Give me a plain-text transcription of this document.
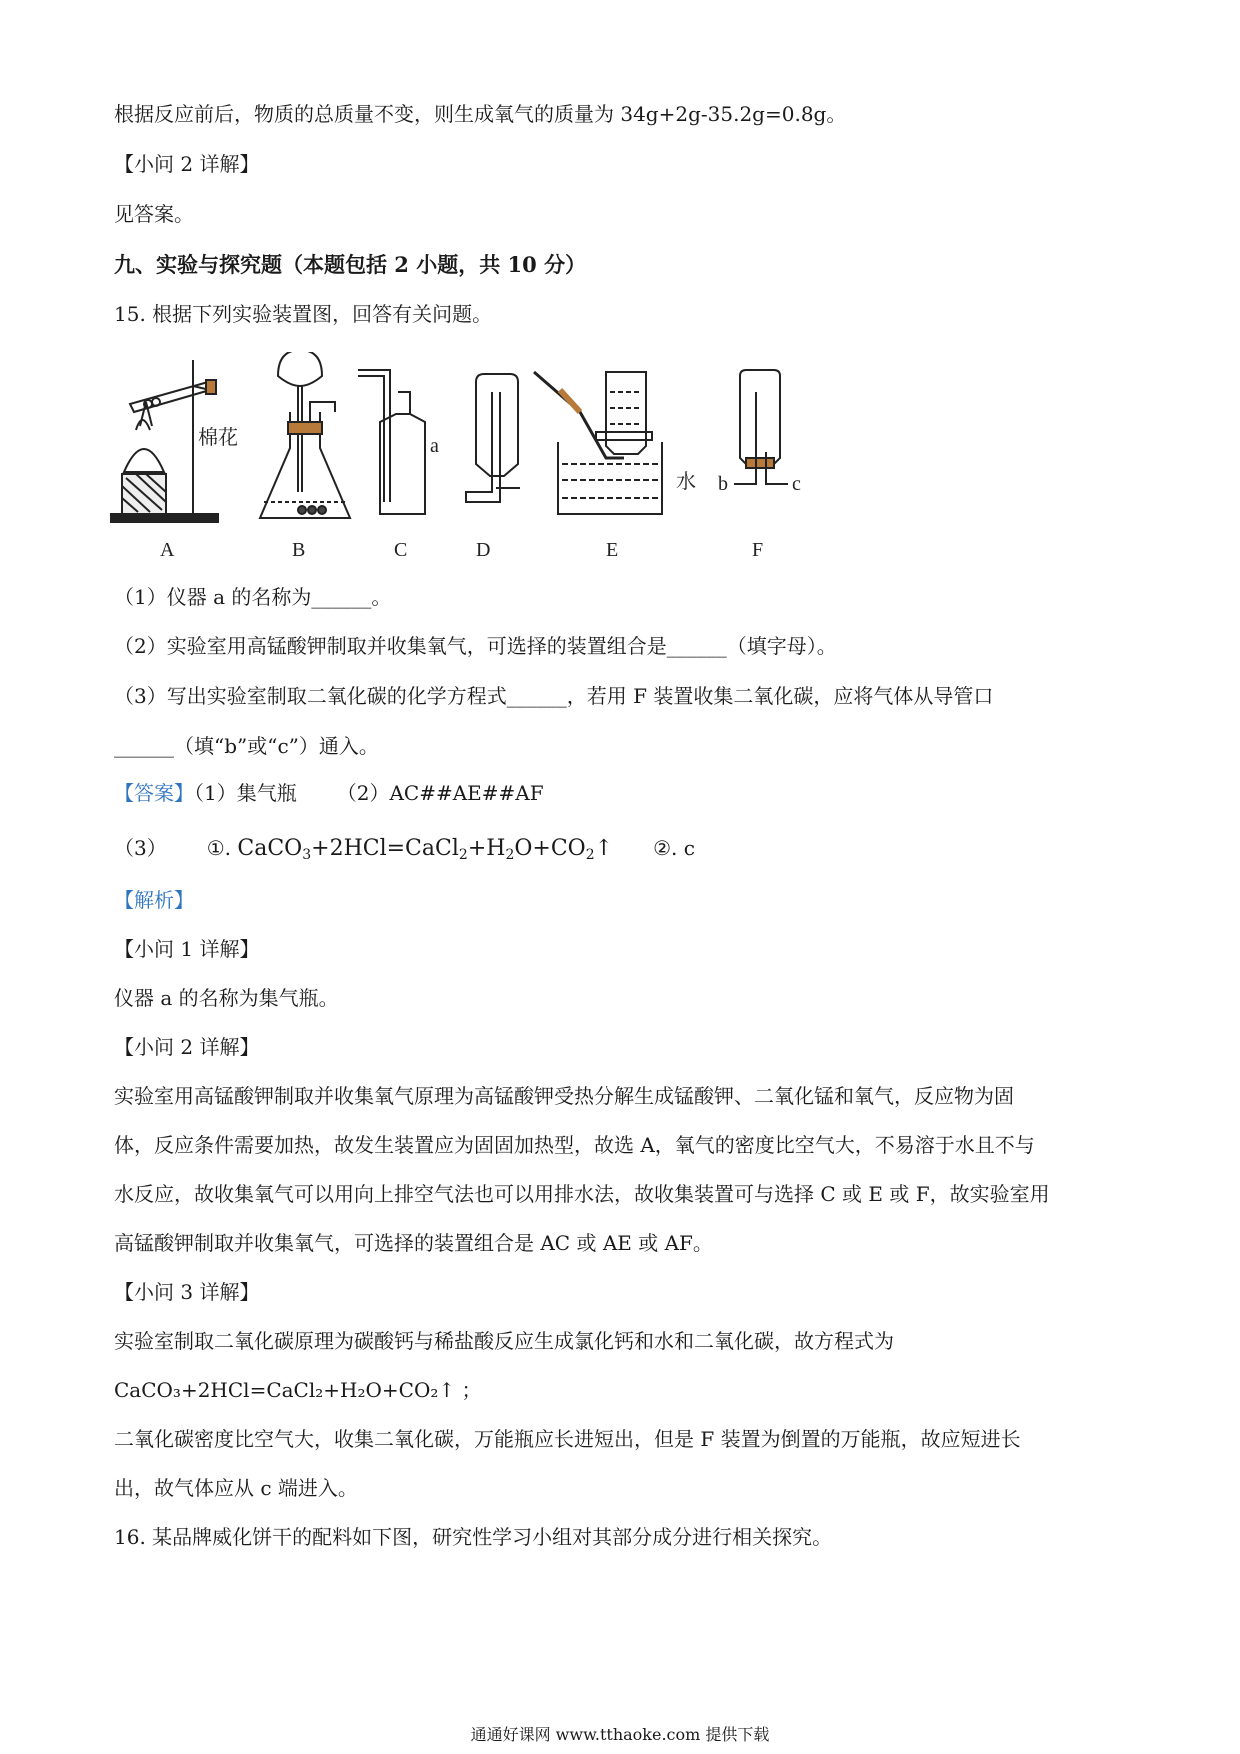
根据反应前后，物质的总质量不变，则生成氧气的质量为 34g+2g-35.2g=0.8g。
【小问 2 详解】
见答案。
九、实验与探究题（本题包括 2 小题，共 10 分）
15. 根据下列实验装置图，回答有关问题。
A	B	C	D	E	F
棉花	a
水 b	c
（1）仪器 a 的名称为______。
（2）实验室用高锰酸钾制取并收集氧气，可选择的装置组合是______（填字母）。
（3）写出实验室制取二氧化碳的化学方程式______，若用 F 装置收集二氧化碳，应将气体从导管口
______（填“b”或“c”）通入。
【答案】（1）集气瓶 （2）AC##AE##AF
（3） ①. $CaCO_3+2HCl=CaCl_2+H_2O+CO_2↑$ ②. c
【解析】
【小问 1 详解】
仪器 a 的名称为集气瓶。
【小问 2 详解】
实验室用高锰酸钾制取并收集氧气原理为高锰酸钾受热分解生成锰酸钾、二氧化锰和氧气，反应物为固
体，反应条件需要加热，故发生装置应为固固加热型，故选 A，氧气的密度比空气大，不易溶于水且不与
水反应，故收集氧气可以用向上排空气法也可以用排水法，故收集装置可与选择 C 或 E 或 F，故实验室用
高锰酸钾制取并收集氧气，可选择的装置组合是 AC 或 AE 或 AF。
【小问 3 详解】
实验室制取二氧化碳原理为碳酸钙与稀盐酸反应生成氯化钙和水和二氧化碳，故方程式为
CaCO₃+2HCl=CaCl₂+H₂O+CO₂↑ ；
二氧化碳密度比空气大，收集二氧化碳，万能瓶应长进短出，但是 F 装置为倒置的万能瓶，故应短进长
出，故气体应从 c 端进入。
16. 某品牌威化饼干的配料如下图，研究性学习小组对其部分成分进行相关探究。
通通好课网 www.tthaoke.com 提供下载
